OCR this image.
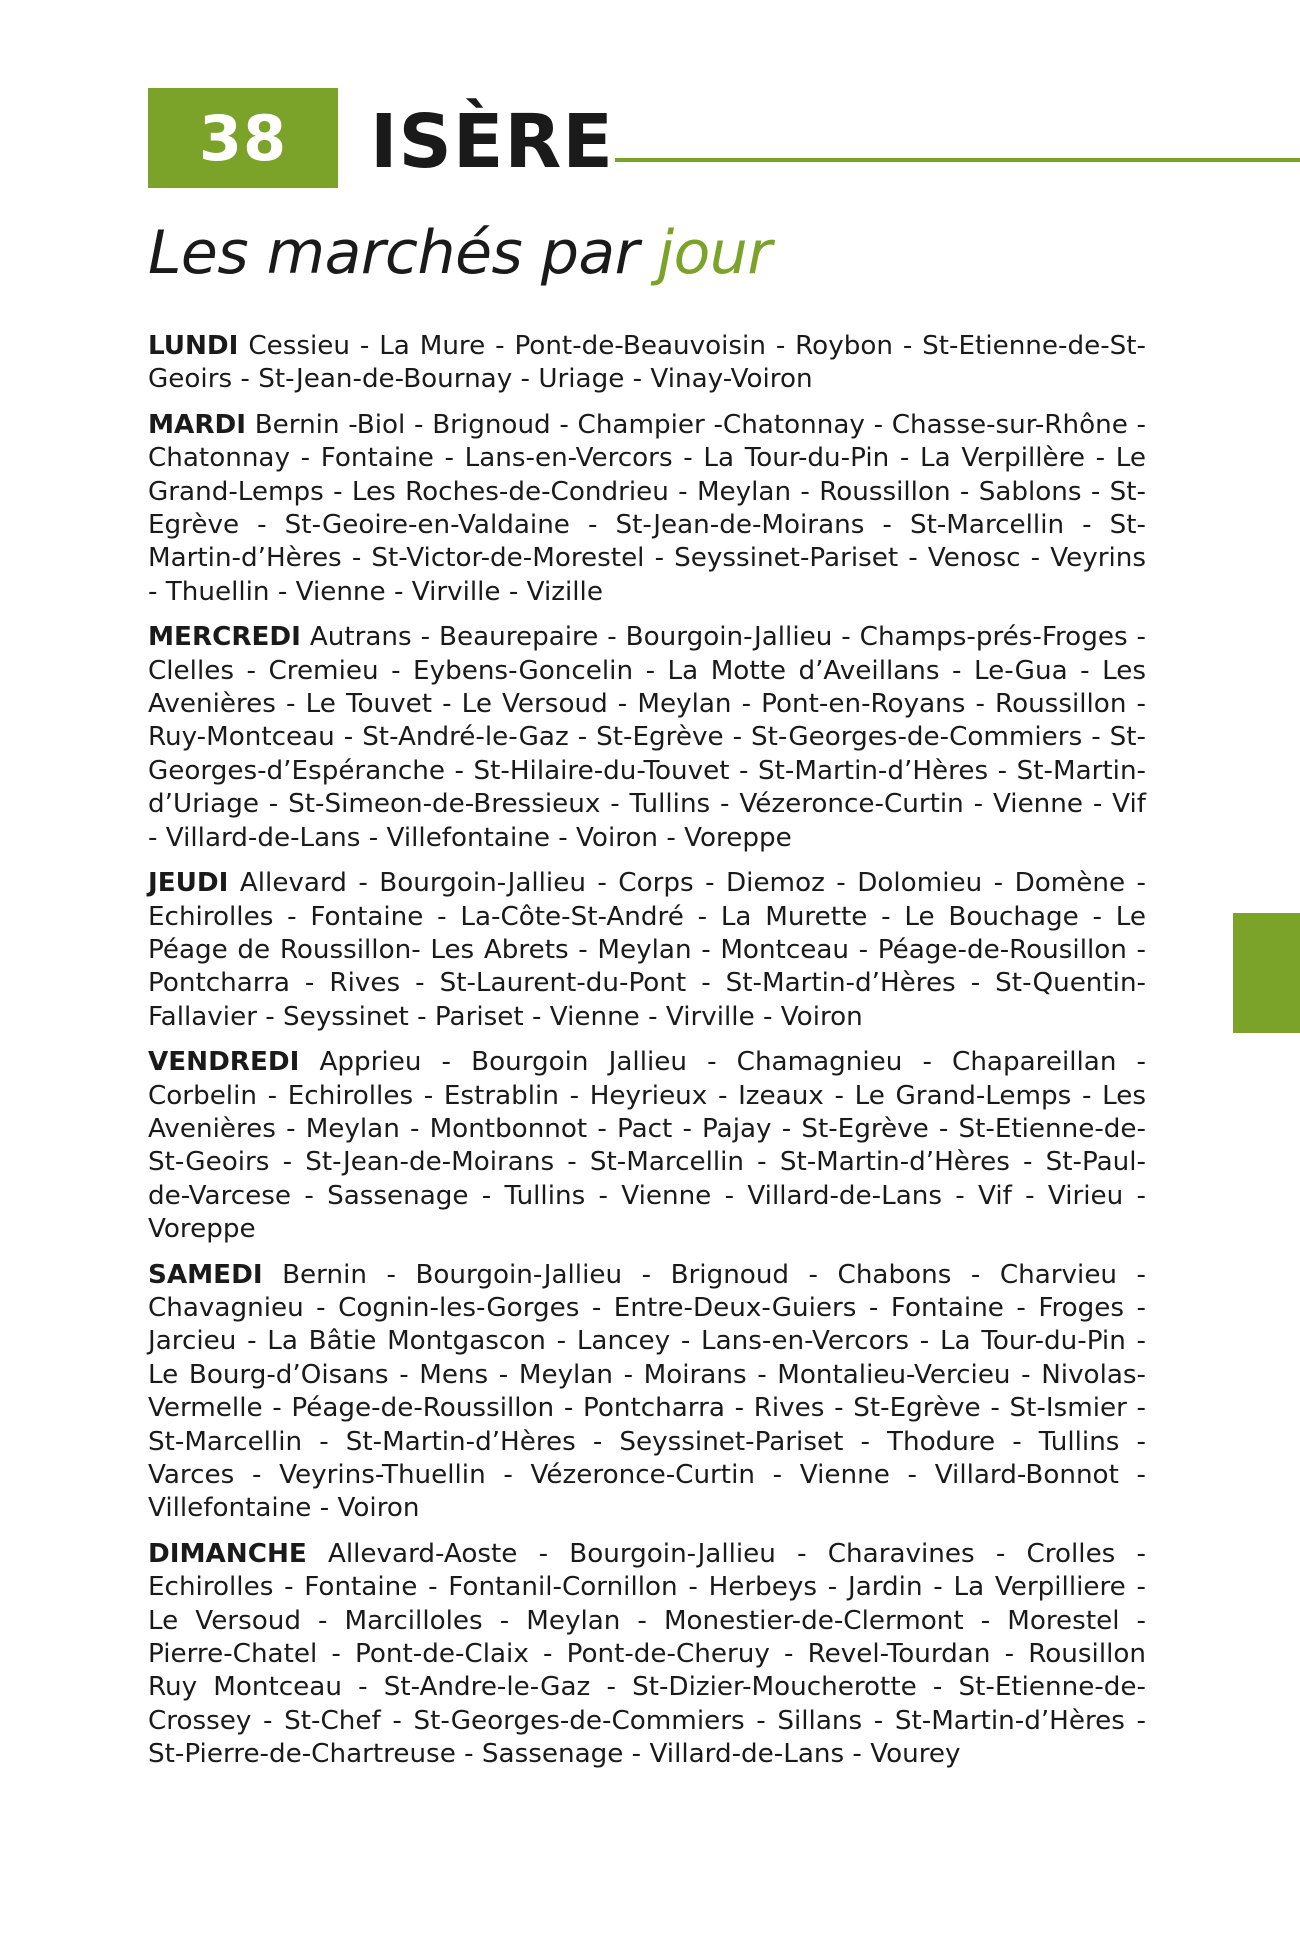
38 ISÈRE
Les marchés par jour

LUNDI Cessieu - La Mure - Pont-de-Beauvoisin - Roybon - St-Etienne-de-St-Geoirs - St-Jean-de-Bournay - Uriage - Vinay-Voiron

MARDI Bernin -Biol - Brignoud - Champier -Chatonnay - Chasse-sur-Rhône - Chatonnay - Fontaine - Lans-en-Vercors - La Tour-du-Pin - La Verpillère - Le Grand-Lemps - Les Roches-de-Condrieu - Meylan - Roussillon - Sablons - St-Egrève - St-Geoire-en-Valdaine - St-Jean-de-Moirans - St-Marcellin - St-Martin-d’Hères - St-Victor-de-Morestel - Seyssinet-Pariset - Venosc - Veyrins - Thuellin - Vienne - Virville - Vizille

MERCREDI Autrans - Beaurepaire - Bourgoin-Jallieu - Champs-prés-Froges - Clelles - Cremieu - Eybens-Goncelin - La Motte d’Aveillans - Le-Gua - Les Avenières - Le Touvet - Le Versoud - Meylan - Pont-en-Royans - Roussillon - Ruy-Montceau - St-André-le-Gaz - St-Egrève - St-Georges-de-Commiers - St-Georges-d’Espéranche - St-Hilaire-du-Touvet - St-Martin-d’Hères - St-Martin-d’Uriage - St-Simeon-de-Bressieux - Tullins - Vézeronce-Curtin - Vienne - Vif - Villard-de-Lans - Villefontaine - Voiron - Voreppe

JEUDI Allevard - Bourgoin-Jallieu - Corps - Diemoz - Dolomieu - Domène - Echirolles - Fontaine - La-Côte-St-André - La Murette - Le Bouchage - Le Péage de Roussillon- Les Abrets - Meylan - Montceau - Péage-de-Rousillon - Pontcharra - Rives - St-Laurent-du-Pont - St-Martin-d’Hères - St-Quentin-Fallavier - Seyssinet - Pariset - Vienne - Virville - Voiron

VENDREDI Apprieu - Bourgoin Jallieu - Chamagnieu - Chapareillan - Corbelin - Echirolles - Estrablin - Heyrieux - Izeaux - Le Grand-Lemps - Les Avenières - Meylan - Montbonnot - Pact - Pajay - St-Egrève - St-Etienne-de-St-Geoirs - St-Jean-de-Moirans - St-Marcellin - St-Martin-d’Hères - St-Paul-de-Varcese - Sassenage - Tullins - Vienne - Villard-de-Lans - Vif - Virieu - Voreppe

SAMEDI Bernin - Bourgoin-Jallieu - Brignoud - Chabons - Charvieu - Chavagnieu - Cognin-les-Gorges - Entre-Deux-Guiers - Fontaine - Froges - Jarcieu - La Bâtie Montgascon - Lancey - Lans-en-Vercors - La Tour-du-Pin - Le Bourg-d’Oisans - Mens - Meylan - Moirans - Montalieu-Vercieu - Nivolas-Vermelle - Péage-de-Roussillon - Pontcharra - Rives - St-Egrève - St-Ismier - St-Marcellin - St-Martin-d’Hères - Seyssinet-Pariset - Thodure - Tullins - Varces - Veyrins-Thuellin - Vézeronce-Curtin - Vienne - Villard-Bonnot - Villefontaine - Voiron

DIMANCHE Allevard-Aoste - Bourgoin-Jallieu - Charavines - Crolles - Echirolles - Fontaine - Fontanil-Cornillon - Herbeys - Jardin - La Verpilliere - Le Versoud - Marcilloles - Meylan - Monestier-de-Clermont - Morestel - Pierre-Chatel - Pont-de-Claix - Pont-de-Cheruy - Revel-Tourdan - Rousillon Ruy Montceau - St-Andre-le-Gaz - St-Dizier-Moucherotte - St-Etienne-de-Crossey - St-Chef - St-Georges-de-Commiers - Sillans - St-Martin-d’Hères - St-Pierre-de-Chartreuse - Sassenage - Villard-de-Lans - Vourey
